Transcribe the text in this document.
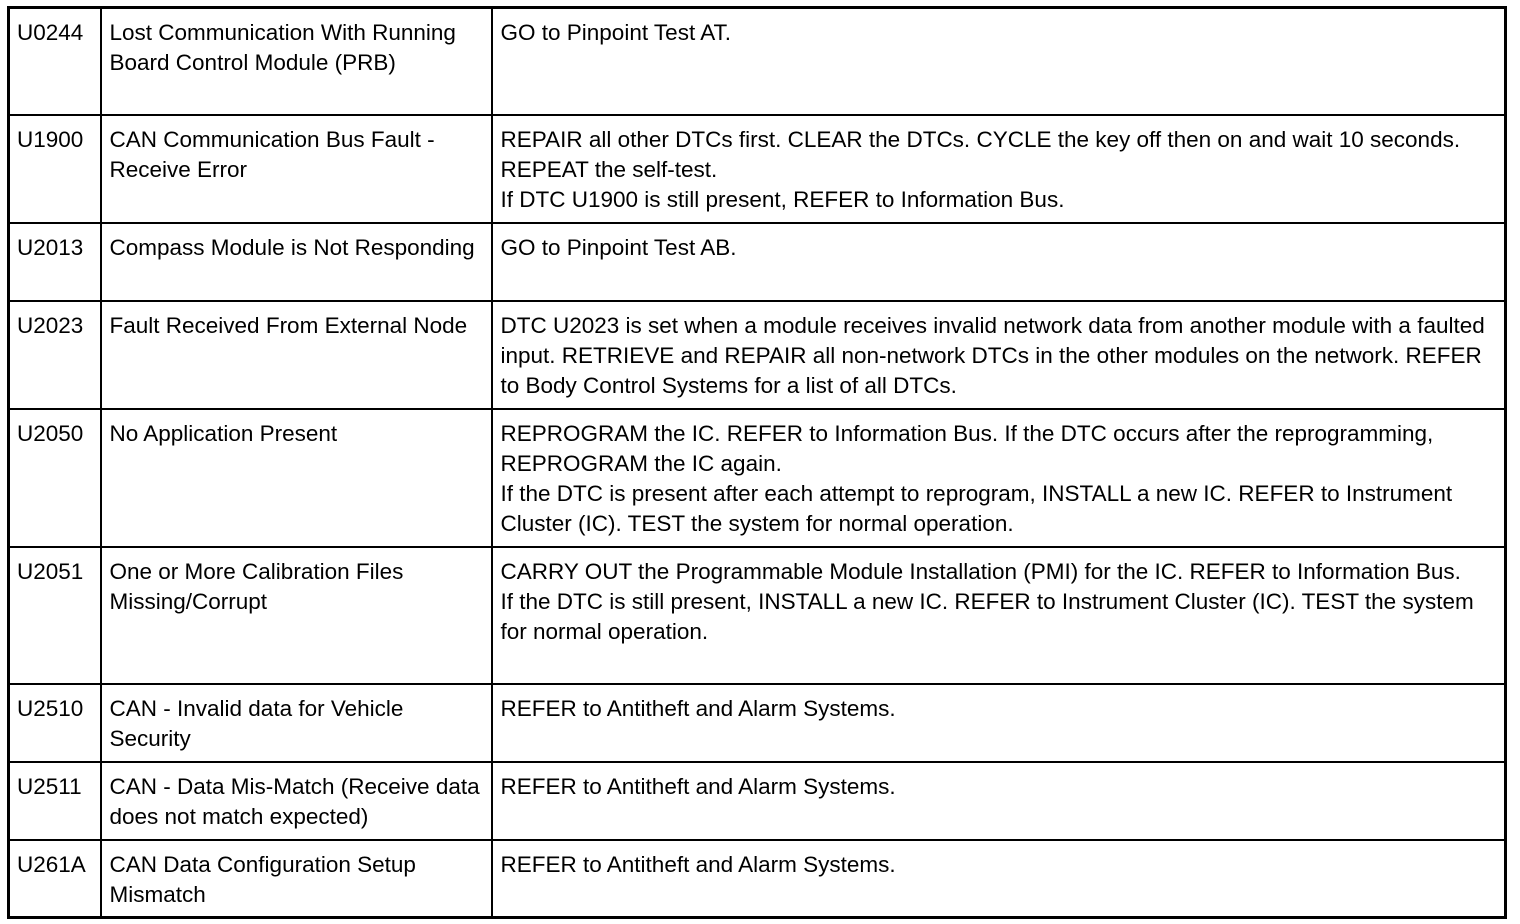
U0244	Lost Communication With Running Board Control Module (PRB)	GO to Pinpoint Test AT.
U1900	CAN Communication Bus Fault - Receive Error	REPAIR all other DTCs first. CLEAR the DTCs. CYCLE the key off then on and wait 10 seconds. REPEAT the self-test.
If DTC U1900 is still present, REFER to Information Bus.
U2013	Compass Module is Not Responding	GO to Pinpoint Test AB.
U2023	Fault Received From External Node	DTC U2023 is set when a module receives invalid network data from another module with a faulted input. RETRIEVE and REPAIR all non-network DTCs in the other modules on the network. REFER to Body Control Systems for a list of all DTCs.
U2050	No Application Present	REPROGRAM the IC. REFER to Information Bus. If the DTC occurs after the reprogramming, REPROGRAM the IC again.
If the DTC is present after each attempt to reprogram, INSTALL a new IC. REFER to Instrument Cluster (IC). TEST the system for normal operation.
U2051	One or More Calibration Files Missing/Corrupt	CARRY OUT the Programmable Module Installation (PMI) for the IC. REFER to Information Bus.
If the DTC is still present, INSTALL a new IC. REFER to Instrument Cluster (IC). TEST the system for normal operation.
U2510	CAN - Invalid data for Vehicle Security	REFER to Antitheft and Alarm Systems.
U2511	CAN - Data Mis-Match (Receive data does not match expected)	REFER to Antitheft and Alarm Systems.
U261A	CAN Data Configuration Setup Mismatch	REFER to Antitheft and Alarm Systems.
